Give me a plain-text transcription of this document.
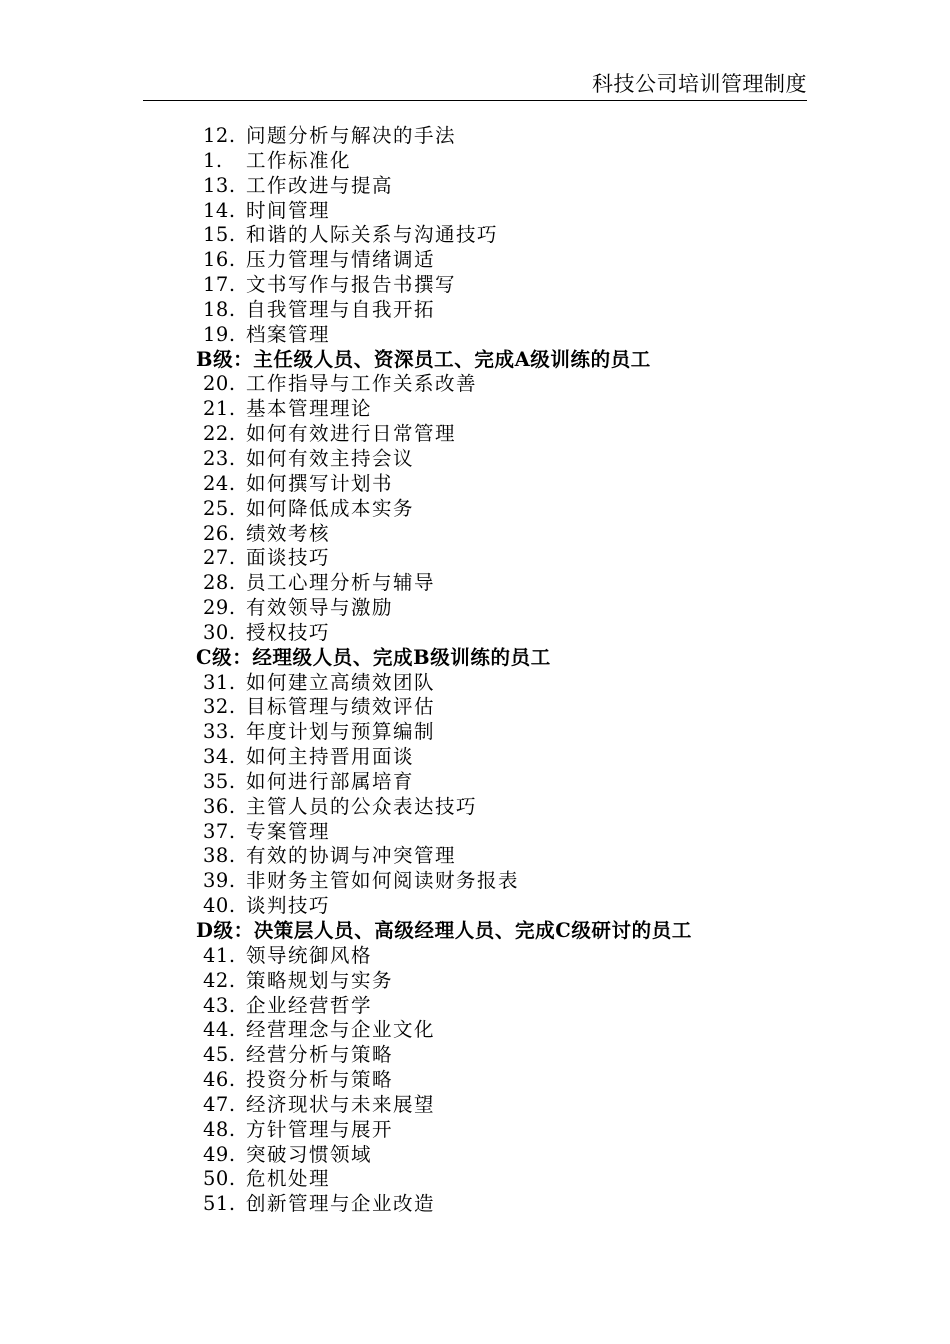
科技公司培训管理制度
12. 问题分析与解决的手法
1. 工作标准化
13. 工作改进与提高
14. 时间管理
15. 和谐的人际关系与沟通技巧
16. 压力管理与情绪调适
17. 文书写作与报告书撰写
18. 自我管理与自我开拓
19. 档案管理
B级：主任级人员、资深员工、完成A级训练的员工
20. 工作指导与工作关系改善
21. 基本管理理论
22. 如何有效进行日常管理
23. 如何有效主持会议
24. 如何撰写计划书
25. 如何降低成本实务
26. 绩效考核
27. 面谈技巧
28. 员工心理分析与辅导
29. 有效领导与激励
30. 授权技巧
C级：经理级人员、完成B级训练的员工
31. 如何建立高绩效团队
32. 目标管理与绩效评估
33. 年度计划与预算编制
34. 如何主持晋用面谈
35. 如何进行部属培育
36. 主管人员的公众表达技巧
37. 专案管理
38. 有效的协调与冲突管理
39. 非财务主管如何阅读财务报表
40. 谈判技巧
D级：决策层人员、高级经理人员、完成C级研讨的员工
41. 领导统御风格
42. 策略规划与实务
43. 企业经营哲学
44. 经营理念与企业文化
45. 经营分析与策略
46. 投资分析与策略
47. 经济现状与未来展望
48. 方针管理与展开
49. 突破习惯领域
50. 危机处理
51. 创新管理与企业改造
